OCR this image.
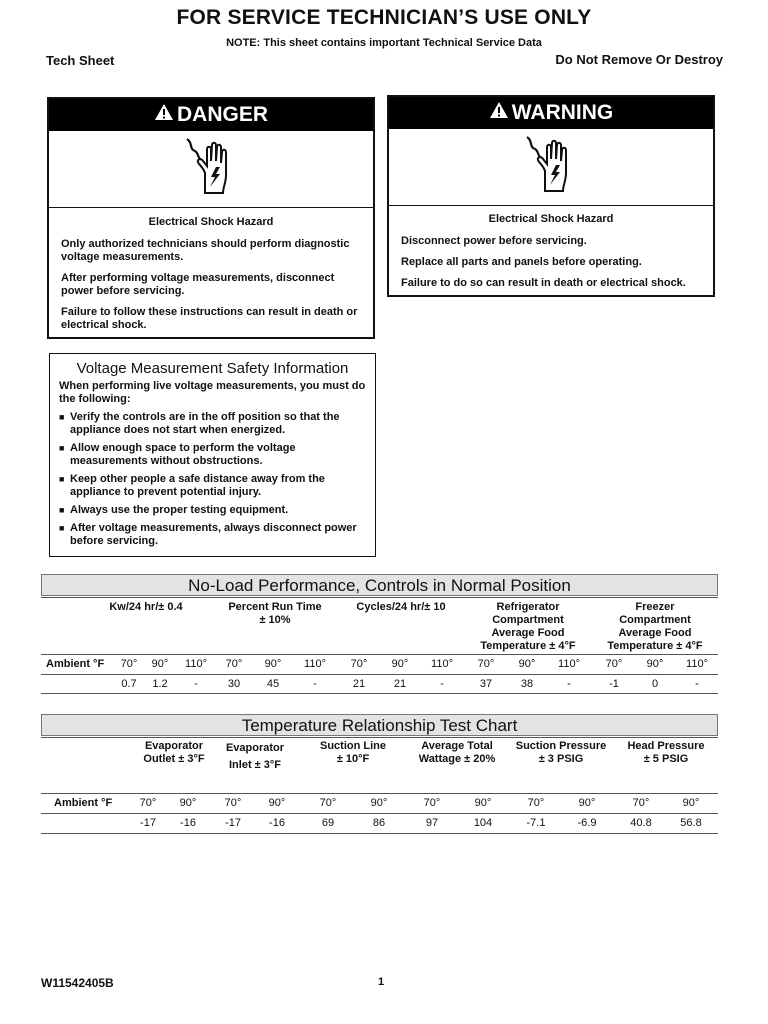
FOR SERVICE TECHNICIAN’S USE ONLY
NOTE: This sheet contains important Technical Service Data
Tech Sheet	Do Not Remove Or Destroy
DANGER
Electrical Shock Hazard

Only authorized technicians should perform diagnostic voltage measurements.

After performing voltage measurements, disconnect power before servicing.

Failure to follow these instructions can result in death or electrical shock.

WARNING
Electrical Shock Hazard

Disconnect power before servicing.

Replace all parts and panels before operating.

Failure to do so can result in death or electrical shock.

Voltage Measurement Safety Information
When performing live voltage measurements, you must do the following:
■ Verify the controls are in the off position so that the appliance does not start when energized.
■ Allow enough space to perform the voltage measurements without obstructions.
■ Keep other people a safe distance away from the appliance to prevent potential injury.
■ Always use the proper testing equipment.
■ After voltage measurements, always disconnect power before servicing.
No-Load Performance, Controls in Normal Position
Kw/24 hr/± 0.4	Percent Run Time
± 10%
Cycles/24 hr/± 10	Refrigerator
Compartment
Average Food
Temperature ± 4°F
Freezer
Compartment
Average Food
Temperature ± 4°F
Ambient °F	70°	90°	110°	70°	90°	110°	70°	90°	110°	70°	90°	110°	70°	90°	110°
0.7	1.2	-	30	45	-	21	21	-	37	38	-	-1	0	-
Temperature Relationship Test Chart
Evaporator
Outlet ± 3°F
Evaporator
Inlet ± 3°F
Suction Line
± 10°F
Average Total
Wattage ± 20%
Suction Pressure
± 3 PSIG
Head Pressure
± 5 PSIG
Ambient °F	70°	90°	70°	90°	70°	90°	70°	90°	70°	90°	70°	90°
-17	-16	-17	-16	69	86	97	104	-7.1	-6.9	40.8	56.8
W11542405B	1
